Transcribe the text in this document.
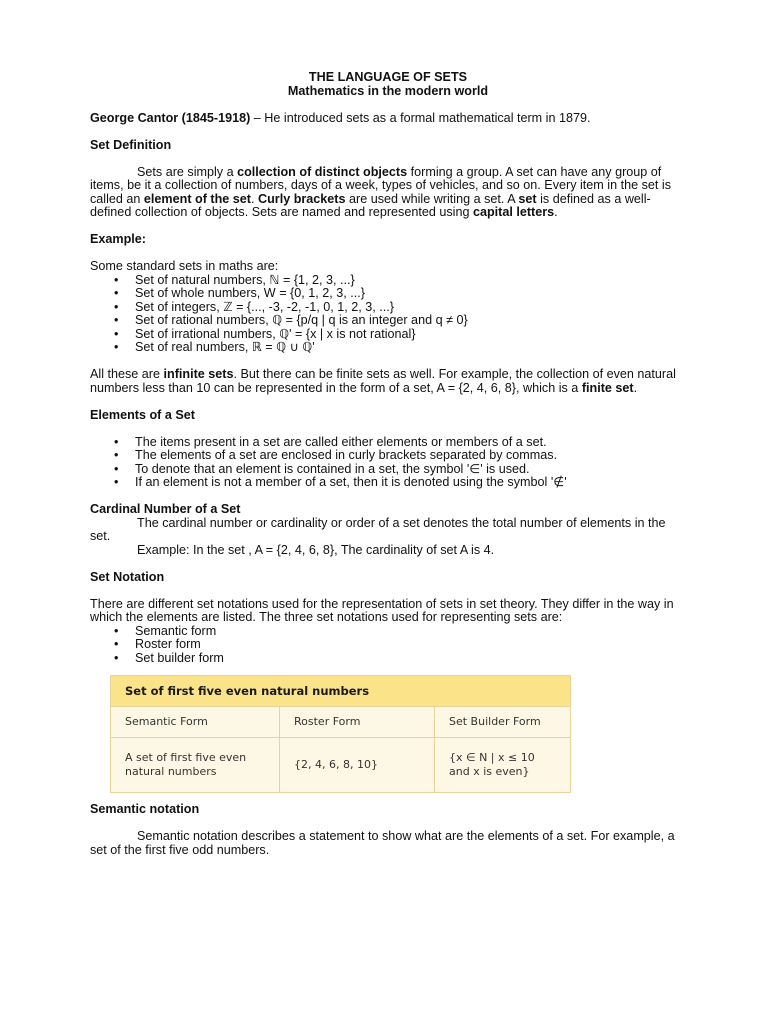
THE LANGUAGE OF SETS

Mathematics in the modern world

George Cantor (1845-1918) – He introduced sets as a formal mathematical term in 1879.

Set Definition

Sets are simply a collection of distinct objects forming a group. A set can have any group of items, be it a collection of numbers, days of a week, types of vehicles, and so on. Every item in the set is called an element of the set. Curly brackets are used while writing a set. A set is defined as a well-defined collection of objects. Sets are named and represented using capital letters.

Example:

Some standard sets in maths are:

• Set of natural numbers, ℕ = {1, 2, 3, ...}
• Set of whole numbers, W = {0, 1, 2, 3, ...}
• Set of integers, ℤ = {..., -3, -2, -1, 0, 1, 2, 3, ...}
• Set of rational numbers, ℚ = {p/q | q is an integer and q ≠ 0}
• Set of irrational numbers, ℚ' = {x | x is not rational}
• Set of real numbers, ℝ = ℚ ∪ ℚ'

All these are infinite sets. But there can be finite sets as well. For example, the collection of even natural numbers less than 10 can be represented in the form of a set, A = {2, 4, 6, 8}, which is a finite set.

Elements of a Set

• The items present in a set are called either elements or members of a set.
• The elements of a set are enclosed in curly brackets separated by commas.
• To denote that an element is contained in a set, the symbol '∈' is used.
• If an element is not a member of a set, then it is denoted using the symbol '∉'

Cardinal Number of a Set

The cardinal number or cardinality or order of a set denotes the total number of elements in the set.

Example: In the set , A = {2, 4, 6, 8}, The cardinality of set A is 4.

Set Notation

There are different set notations used for the representation of sets in set theory. They differ in the way in which the elements are listed. The three set notations used for representing sets are:

• Semantic form
• Roster form
• Set builder form
Set of first five even natural numbers		
Semantic Form	Roster Form	Set Builder Form
A set of first five even natural numbers	{2, 4, 6, 8, 10}	{x ∈ N | x ≤ 10 and x is even}

Semantic notation

Semantic notation describes a statement to show what are the elements of a set. For example, a set of the first five odd numbers.
